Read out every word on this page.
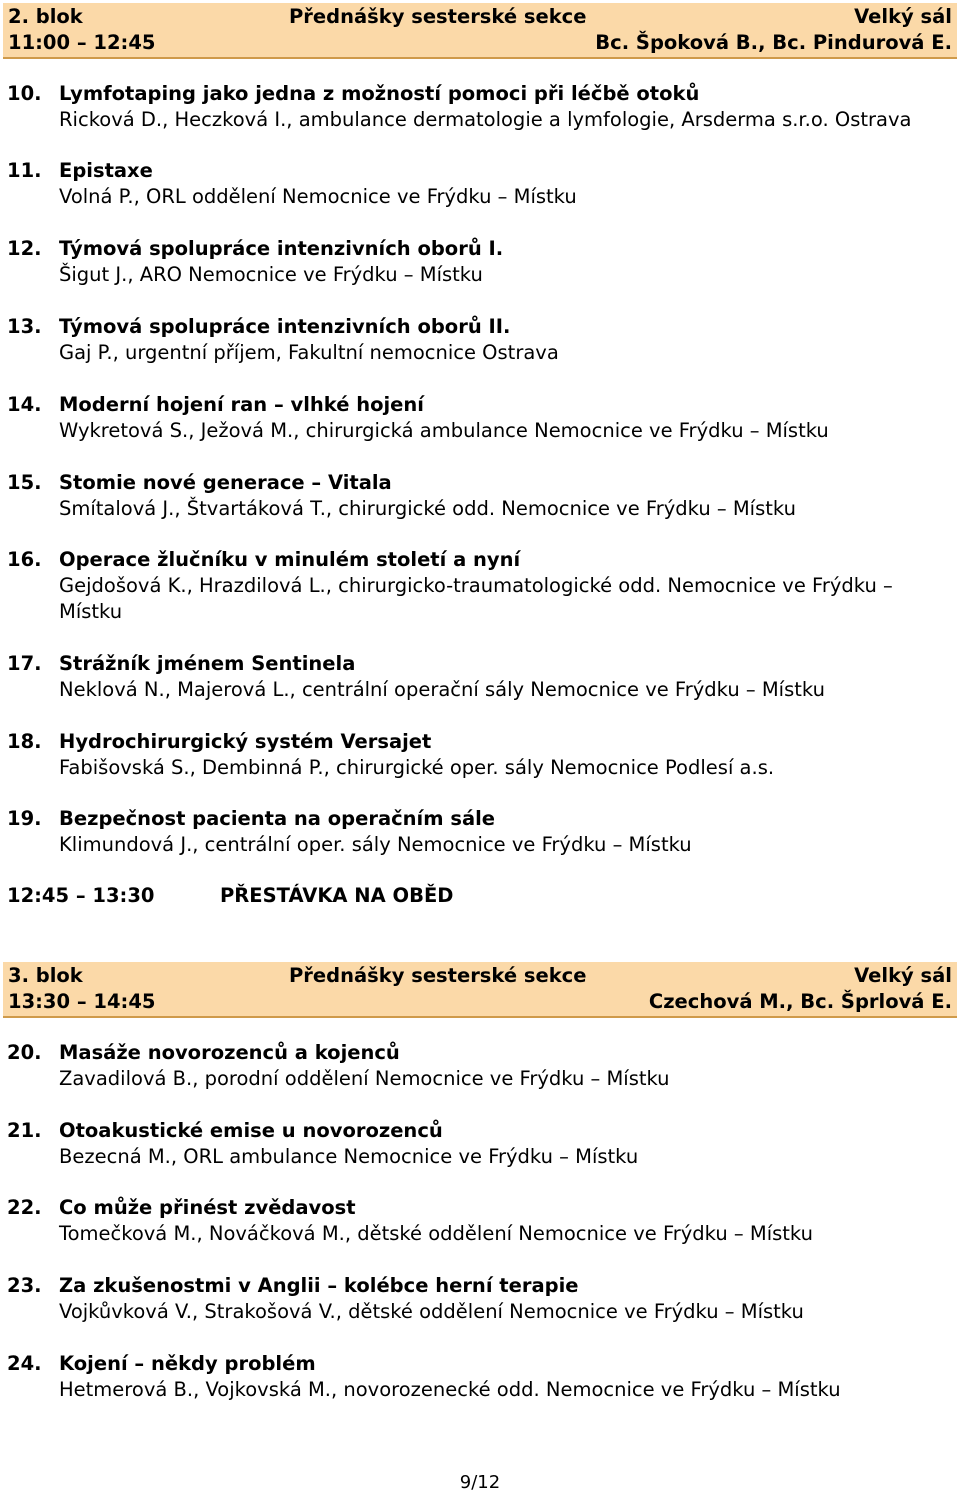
2. blok	Přednášky sesterské sekce	Velký sál
11:00 – 12:45	Bc. Špoková B., Bc. Pindurová E.
10. Lymfotaping jako jedna z možností pomoci při léčbě otoků
Ricková D., Heczková I., ambulance dermatologie a lymfologie, Arsderma s.r.o. Ostrava
11. Epistaxe
Volná P., ORL oddělení Nemocnice ve Frýdku – Místku
12. Týmová spolupráce intenzivních oborů I.
Šigut J., ARO Nemocnice ve Frýdku – Místku
13. Týmová spolupráce intenzivních oborů II.
Gaj P., urgentní příjem, Fakultní nemocnice Ostrava
14. Moderní hojení ran – vlhké hojení
Wykretová S., Ježová M., chirurgická ambulance Nemocnice ve Frýdku – Místku
15. Stomie nové generace – Vitala
Smítalová J., Štvartáková T., chirurgické odd. Nemocnice ve Frýdku – Místku
16. Operace žlučníku v minulém století a nyní
Gejdošová K., Hrazdilová L., chirurgicko-traumatologické odd. Nemocnice ve Frýdku – Místku
17. Strážník jménem Sentinela
Neklová N., Majerová L., centrální operační sály Nemocnice ve Frýdku – Místku
18. Hydrochirurgický systém Versajet
Fabišovská S., Dembinná P., chirurgické oper. sály Nemocnice Podlesí a.s.
19. Bezpečnost pacienta na operačním sále
Klimundová J., centrální oper. sály Nemocnice ve Frýdku – Místku
12:45 – 13:30	PŘESTÁVKA NA OBĚD
3. blok	Přednášky sesterské sekce	Velký sál
13:30 – 14:45	Czechová M., Bc. Šprlová E.
20. Masáže novorozenců a kojenců
Zavadilová B., porodní oddělení Nemocnice ve Frýdku – Místku
21. Otoakustické emise u novorozenců
Bezecná M., ORL ambulance Nemocnice ve Frýdku – Místku
22. Co může přinést zvědavost
Tomečková M., Nováčková M., dětské oddělení Nemocnice ve Frýdku – Místku
23. Za zkušenostmi v Anglii – kolébce herní terapie
Vojkůvková V., Strakošová V., dětské oddělení Nemocnice ve Frýdku – Místku
24. Kojení – někdy problém
Hetmerová B., Vojkovská M., novorozenecké odd. Nemocnice ve Frýdku – Místku
9/12
